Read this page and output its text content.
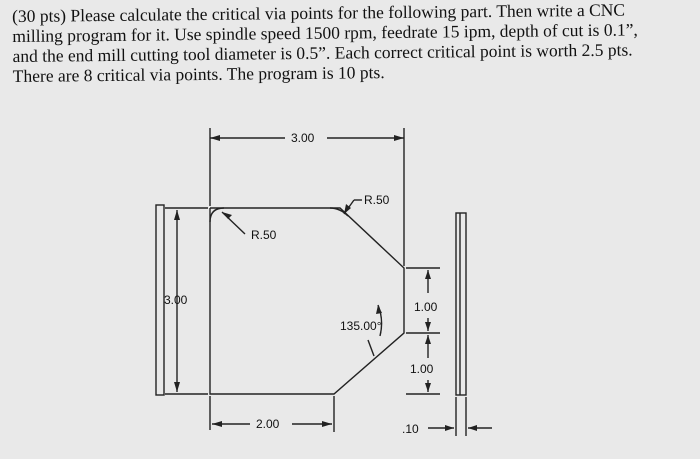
(30 pts) Please calculate the critical via points for the following part. Then write a CNC
milling program for it. Use spindle speed 1500 rpm, feedrate 15 ipm, depth of cut is 0.1”,
and the end mill cutting tool diameter is 0.5”. Each correct critical point is worth 2.5 pts.
There are 8 critical via points. The program is 10 pts.
3.00
R.50
R.50
3.00	1.00
135.00°
1.00
2.00	.10
